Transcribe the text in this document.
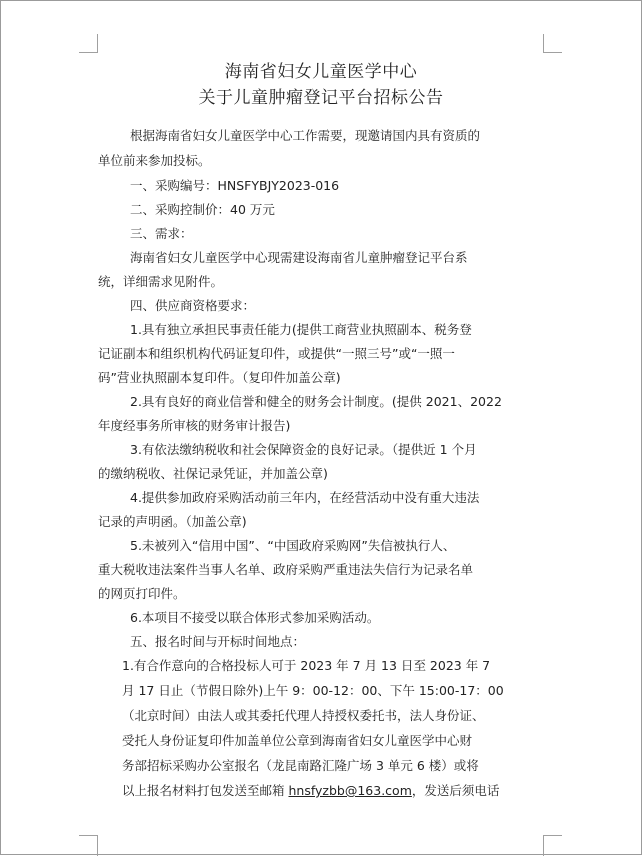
海南省妇女儿童医学中心
关于儿童肿瘤登记平台招标公告
根据海南省妇女儿童医学中心工作需要，现邀请国内具有资质的
单位前来参加投标。
一、采购编号：HNSFYBJY2023-016
二、采购控制价：40 万元
三、需求：
海南省妇女儿童医学中心现需建设海南省儿童肿瘤登记平台系
统，详细需求见附件。
四、供应商资格要求：
1.具有独立承担民事责任能力(提供工商营业执照副本、税务登
记证副本和组织机构代码证复印件，或提供“一照三号”或“一照一
码”营业执照副本复印件。（复印件加盖公章)
2.具有良好的商业信誉和健全的财务会计制度。(提供 2021、2022
年度经事务所审核的财务审计报告)
3.有依法缴纳税收和社会保障资金的良好记录。（提供近 1 个月
的缴纳税收、社保记录凭证，并加盖公章)
4.提供参加政府采购活动前三年内，在经营活动中没有重大违法
记录的声明函。（加盖公章)
5.未被列入“信用中国”、“中国政府采购网”失信被执行人、
重大税收违法案件当事人名单、政府采购严重违法失信行为记录名单
的网页打印件。
6.本项目不接受以联合体形式参加采购活动。
五、报名时间与开标时间地点：
1.有合作意向的合格投标人可于 2023 年 7 月 13 日至 2023 年 7
月 17 日止（节假日除外)上午 9：00-12：00、下午 15:00-17：00
（北京时间）由法人或其委托代理人持授权委托书，法人身份证、
受托人身份证复印件加盖单位公章到海南省妇女儿童医学中心财
务部招标采购办公室报名（龙昆南路汇隆广场 3 单元 6 楼）或将
以上报名材料打包发送至邮箱 hnsfyzbb@163.com，发送后须电话
